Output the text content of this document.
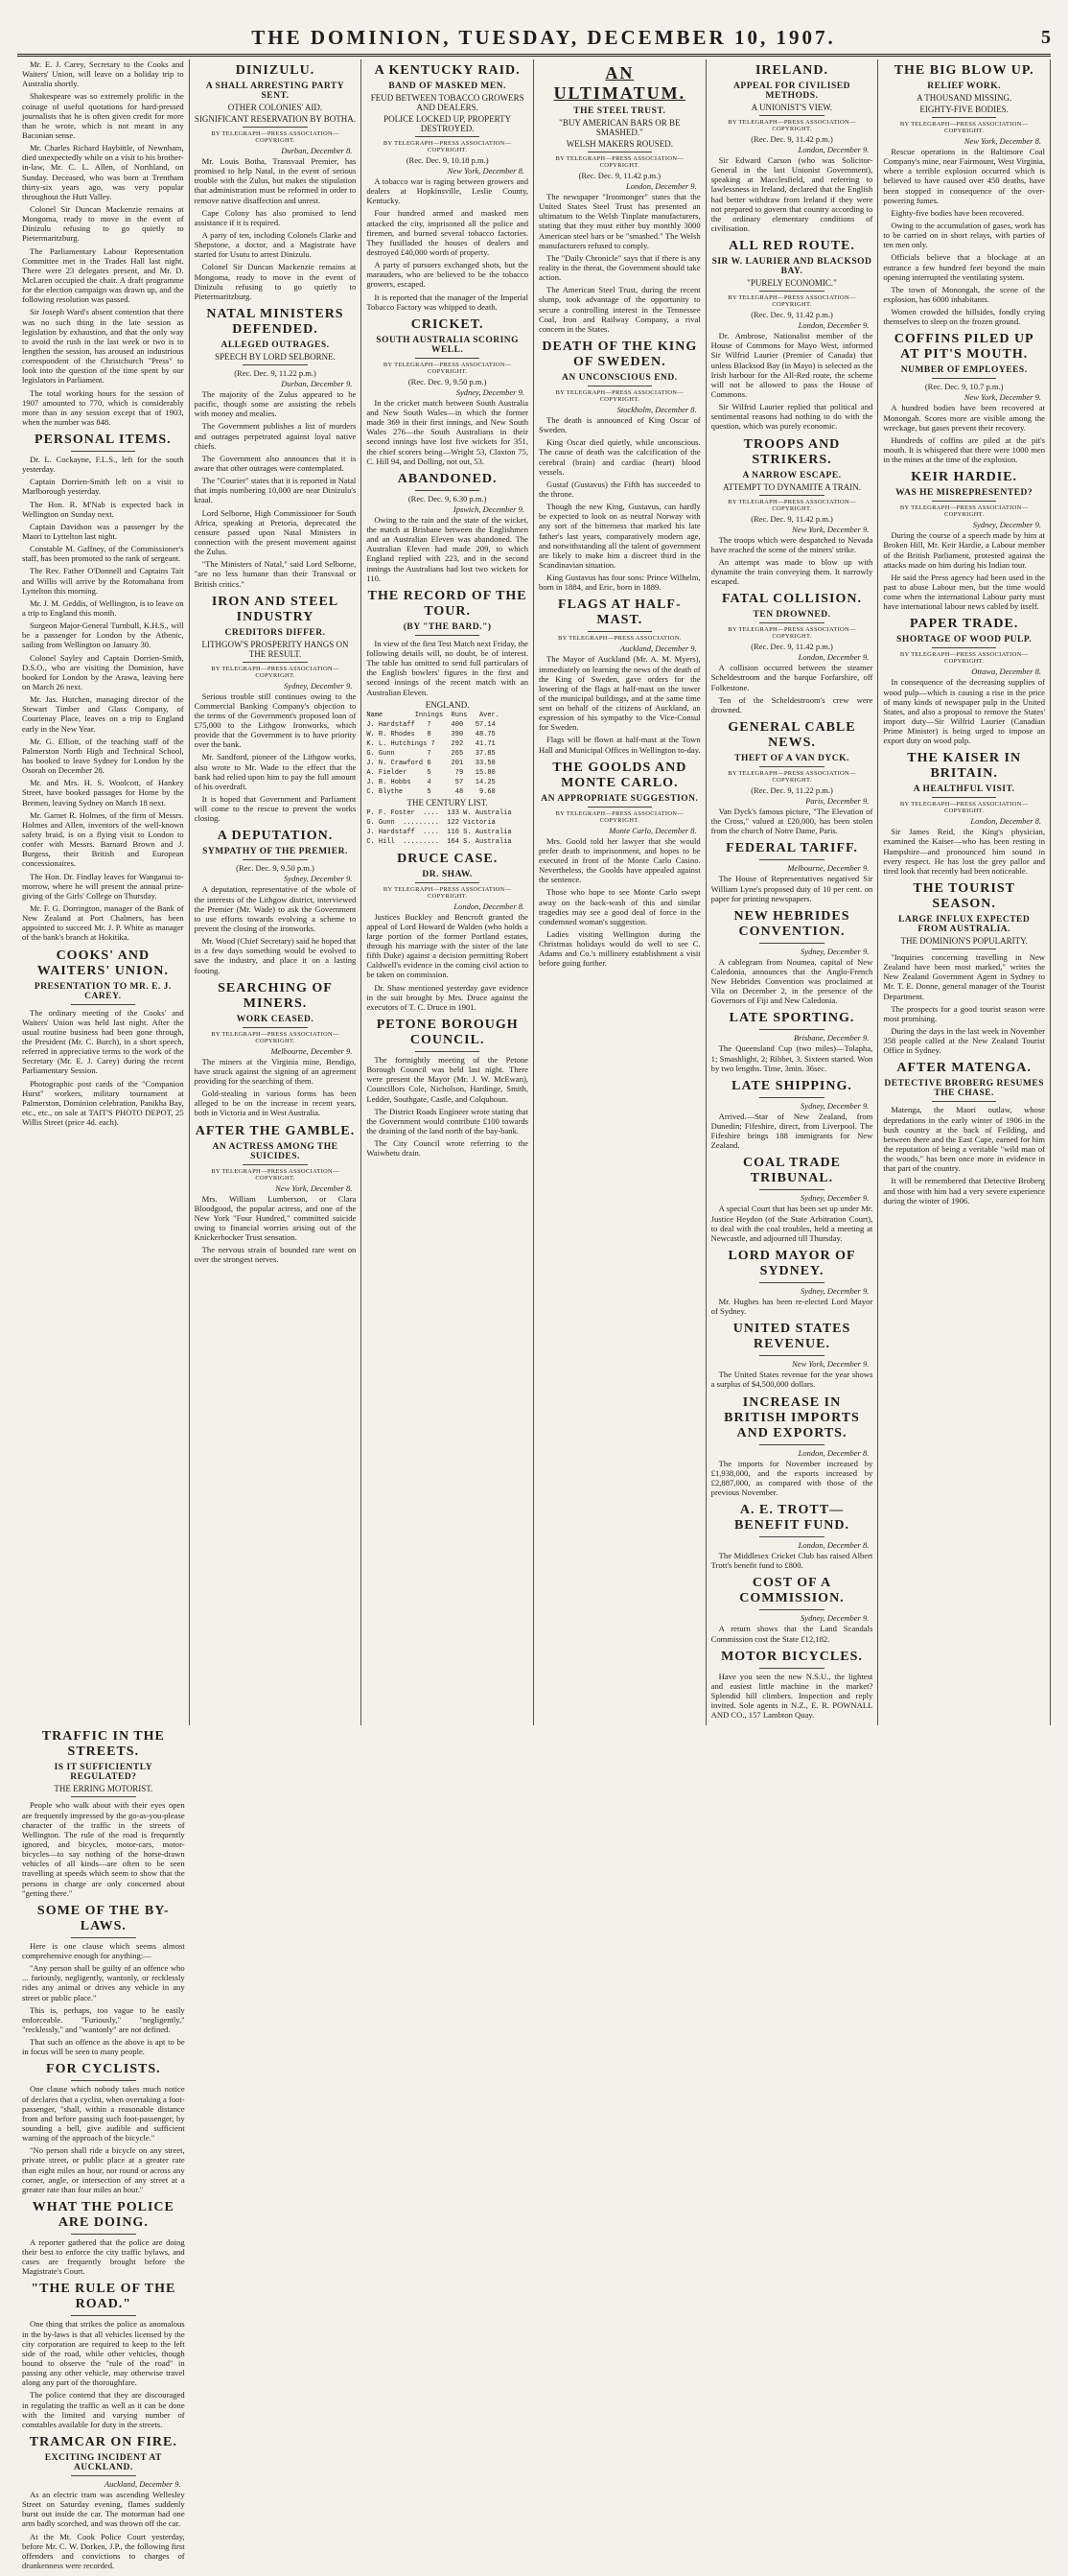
THE DOMINION, TUESDAY, DECEMBER 10, 1907.	5

Mr. E. J. Carey, Secretary to the Cooks and Waiters' Union, will leave on a holiday trip to Australia shortly.

Shakespeare was so extremely prolific in the coinage of useful quotations for hard-pressed journalists that he is often given credit for more than he wrote, which is not meant in any Baconian sense.

Mr. Charles Richard Haybittle, of Newnham, died unexpectedly while on a visit to his brother-in-law, Mr. C. L. Allen, of Northland, on Sunday. Deceased, who was born at Trentham thirty-six years ago, was very popular throughout the Hutt Valley.

Colonel Sir Duncan Mackenzie remains at Mongoma, ready to move in the event of Dinizulu refusing to go quietly to Pietermaritzburg.

The Parliamentary Labour Representation Committee met in the Trades Hall last night. There were 23 delegates present, and Mr. D. McLaren occupied the chair. A draft programme for the election campaign was drawn up, and the following resolution was passed.

Sir Joseph Ward's absent contention that there was no such thing in the late session as legislation by exhaustion, and that the only way to avoid the rush in the last week or two is to lengthen the session, has aroused an industrious correspondent of the Christchurch "Press" to look into the question of the time spent by our legislators in Parliament.

The total working hours for the session of 1907 amounted to 770, which is considerably more than in any session except that of 1903, when the number was 848.

PERSONAL ITEMS.

Dr. L. Cockayne, F.L.S., left for the south yesterday.

Captain Dorrien-Smith left on a visit to Marlborough yesterday.

The Hon. R. M'Nab is expected back in Wellington on Sunday next.

Captain Davidson was a passenger by the Maori to Lyttelton last night.

Constable M. Gaffney, of the Commissioner's staff, has been promoted to the rank of sergeant.

The Rev. Father O'Donnell and Captains Tait and Willis will arrive by the Rotomahana from Lyttelton this morning.

Mr. J. M. Geddis, of Wellington, is to leave on a trip to England this month.

Surgeon Major-General Turnbull, K.H.S., will be a passenger for London by the Athenic, sailing from Wellington on January 30.

Colonel Sayley and Captain Dorrien-Smith, D.S.O., who are visiting the Dominion, have booked for London by the Arawa, leaving here on March 26 next.

Mr. Jas. Hutchen, managing director of the Stewart Timber and Glass Company, of Courtenay Place, leaves on a trip to England early in the New Year.

Mr. G. Elliott, of the teaching staff of the Palmerston North High and Technical School, has booked to leave Sydney for London by the Osorah on December 28.

Mr. and Mrs. H. S. Woolcott, of Hankey Street, have booked passages for Home by the Bremen, leaving Sydney on March 18 next.

Mr. Garnet R. Holmes, of the firm of Messrs. Holmes and Allen, inventors of the well-known safety braid, is on a flying visit to London to confer with Messrs. Barnard Brown and J. Burgess, their British and European concessionaires.

The Hon. Dr. Findlay leaves for Wanganui to-morrow, where he will present the annual prize-giving of the Girls' College on Thursday.

Mr. F. G. Dorrington, manager of the Bank of New Zealand at Port Chalmers, has been appointed to succeed Mr. J. P. White as manager of the bank's branch at Hokitika.

COOKS' AND WAITERS' UNION.
PRESENTATION TO MR. E. J. CAREY.

The ordinary meeting of the Cooks' and Waiters' Union was held last night. After the usual routine business had been gone through, the President (Mr. C. Burch), in a short speech, referred in appreciative terms to the work of the Secretary (Mr. E. J. Carey) during the recent Parliamentary Session.

Photographic post cards of the "Companion Hurst" workers, military tournament at Palmerston, Dominion celebration, Panikha Bay, etc., etc., on sale at TAIT'S PHOTO DEPOT, 25 Willis Street (price 4d. each).

DINIZULU.
A SHALL ARRESTING PARTY SENT.
OTHER COLONIES' AID.
SIGNIFICANT RESERVATION BY BOTHA.
BY TELEGRAPH—PRESS ASSOCIATION—COPYRIGHT.
Durban, December 8.

Mr. Louis Botha, Transvaal Premier, has promised to help Natal, in the event of serious trouble with the Zulus, but makes the stipulation that administration must be reformed in order to remove native disaffection and unrest.

Cape Colony has also promised to lend assistance if it is required.

A party of ten, including Colonels Clarke and Shepstone, a doctor, and a Magistrate have started for Usutu to arrest Dinizulu.

Colonel Sir Duncan Mackenzie remains at Mongoma, ready to move in the event of Dinizulu refusing to go quietly to Pietermaritzburg.

NATAL MINISTERS DEFENDED.
ALLEGED OUTRAGES.
SPEECH BY LORD SELBORNE.
(Rec. Dec. 9, 11.22 p.m.)
Durban, December 9.

The majority of the Zulus appeared to be pacific, though some are assisting the rebels with money and mealies.

The Government publishes a list of murders and outrages perpetrated against loyal native chiefs.

The Government also announces that it is aware that other outrages were contemplated.

The "Courier" states that it is reported in Natal that impis numbering 10,000 are near Dinizulu's kraal.

Lord Selborne, High Commissioner for South Africa, speaking at Pretoria, deprecated the censure passed upon Natal Ministers in connection with the present movement against the Zulus.

"The Ministers of Natal," said Lord Selborne, "are no less humane than their Transvaal or British critics."

IRON AND STEEL INDUSTRY
CREDITORS DIFFER.
LITHGOW'S PROSPERITY HANGS ON THE RESULT.
BY TELEGRAPH—PRESS ASSOCIATION—COPYRIGHT.
Sydney, December 9.

Serious trouble still continues owing to the Commercial Banking Company's objection to the terms of the Government's proposed loan of £75,000 to the Lithgow Ironworks, which provide that the Government is to have priority over the bank.

Mr. Sandford, pioneer of the Lithgow works, also wrote to Mr. Wade to the effect that the bank had relied upon him to pay the full amount of his overdraft.

It is hoped that Government and Parliament will come to the rescue to prevent the works closing.

A DEPUTATION.
SYMPATHY OF THE PREMIER.
(Rec. Dec. 9, 9.50 p.m.)
Sydney, December 9.

A deputation, representative of the whole of the interests of the Lithgow district, interviewed the Premier (Mr. Wade) to ask the Government to use efforts towards evolving a scheme to prevent the closing of the ironworks.

Mr. Wood (Chief Secretary) said he hoped that in a few days something would be evolved to save the industry, and place it on a lasting footing.

SEARCHING OF MINERS.
WORK CEASED.
BY TELEGRAPH—PRESS ASSOCIATION—COPYRIGHT.
Melbourne, December 9.

The miners at the Virginia mine, Bendigo, have struck against the signing of an agreement providing for the searching of them.

Gold-stealing in various forms has been alleged to be on the increase in recent years, both in Victoria and in West Australia.

AFTER THE GAMBLE.
AN ACTRESS AMONG THE SUICIDES.
BY TELEGRAPH—PRESS ASSOCIATION—COPYRIGHT.
New York, December 8.

Mrs. William Lumberson, or Clara Bloodgood, the popular actress, and one of the New York "Four Hundred," committed suicide owing to financial worries arising out of the Knickerbocker Trust sensation.

The nervous strain of bounded rare went on over the strongest nerves.

A KENTUCKY RAID.
BAND OF MASKED MEN.
FEUD BETWEEN TOBACCO GROWERS AND DEALERS.
POLICE LOCKED UP, PROPERTY DESTROYED.
BY TELEGRAPH—PRESS ASSOCIATION—COPYRIGHT.
(Rec. Dec. 9, 10.18 p.m.)
New York, December 8.

A tobacco war is raging between growers and dealers at Hopkinsville, Leslie County, Kentucky.

Four hundred armed and masked men attacked the city, imprisoned all the police and firemen, and burned several tobacco factories. They fusilladed the houses of dealers and destroyed £40,000 worth of property.

A party of pursuers exchanged shots, but the marauders, who are believed to be the tobacco growers, escaped.

It is reported that the manager of the Imperial Tobacco Factory was whipped to death.

CRICKET.
SOUTH AUSTRALIA SCORING WELL.
BY TELEGRAPH—PRESS ASSOCIATION—COPYRIGHT.
(Rec. Dec. 9, 9.50 p.m.)
Sydney, December 9.

In the cricket match between South Australia and New South Wales—in which the former made 369 in their first innings, and New South Wales 276—the South Australians in their second innings have lost five wickets for 351, the chief scorers being—Wright 53, Claxton 75, C. Hill 94, and Dolling, not out, 53.

ABANDONED.
(Rec. Dec. 9, 6.30 p.m.)
Ipswich, December 9.

Owing to the rain and the state of the wicket, the match at Brisbane between the Englishmen and an Australian Eleven was abandoned. The Australian Eleven had made 209, to which England replied with 223, and in the second innings the Australians had lost two wickets for 110.

THE RECORD OF THE TOUR.
(BY "THE BARD.")

In view of the first Test Match next Friday, the following details will, no doubt, be of interest. The table has omitted to send full particulars of the English bowlers' figures in the first and second innings of the recent match with an Australian Eleven.

ENGLAND.
Name        Innings  Runs   Aver.
J. Hardstaff   7     400   57.14
W. R. Rhodes   8     390   48.75
K. L. Hutchings 7    292   41.71
G. Gunn        7     265   37.85
J. N. Crawford 6     201   33.50
A. Fielder     5      79   15.80
J. B. Hobbs    4      57   14.25
C. Blythe      5      48    9.60
THE CENTURY LIST.
P. F. Foster  ....  133 W. Australia
G. Gunn  .........  122 Victoria
J. Hardstaff  ....  116 S. Australia
C. Hill  .........  164 S. Australia
DRUCE CASE.
DR. SHAW.
BY TELEGRAPH—PRESS ASSOCIATION—COPYRIGHT.
London, December 8.

Justices Buckley and Bencroft granted the appeal of Lord Howard de Walden (who holds a large portion of the former Portland estates, through his marriage with the sister of the late fifth Duke) against a decision permitting Robert Caldwell's evidence in the coming civil action to be taken on commission.

Dr. Shaw mentioned yesterday gave evidence in the suit brought by Mrs. Druce against the executors of T. C. Druce in 1901.

PETONE BOROUGH COUNCIL.

The fortnightly meeting of the Petone Borough Council was held last night. There were present the Mayor (Mr. J. W. McEwan), Councillors Cole, Nicholson, Hardinge, Smith, Ledder, Southgate, Castle, and Colquhoun.

The District Roads Engineer wrote stating that the Government would contribute £100 towards the draining of the land north of the bay-bank.

The City Council wrote referring to the Waiwhetu drain.

AN ULTIMATUM.
THE STEEL TRUST.
"BUY AMERICAN BARS OR BE SMASHED."
WELSH MAKERS ROUSED.
BY TELEGRAPH—PRESS ASSOCIATION—COPYRIGHT.
(Rec. Dec. 9, 11.42 p.m.)
London, December 9.

The newspaper "Ironmonger" states that the United States Steel Trust has presented an ultimatum to the Welsh Tinplate manufacturers, stating that they must either buy monthly 3000 American steel bars or be "smashed." The Welsh manufacturers refused to comply.

The "Daily Chronicle" says that if there is any reality in the threat, the Government should take action.

The American Steel Trust, during the recent slump, took advantage of the opportunity to secure a controlling interest in the Tennessee Coal, Iron and Railway Company, a rival concern in the States.

DEATH OF THE KING OF SWEDEN.
AN UNCONSCIOUS END.
BY TELEGRAPH—PRESS ASSOCIATION—COPYRIGHT.
Stockholm, December 8.

The death is announced of King Oscar of Sweden.

King Oscar died quietly, while unconscious. The cause of death was the calcification of the cerebral (brain) and cardiac (heart) blood vessels.

Gustaf (Gustavus) the Fifth has succeeded to the throne.

Though the new King, Gustavus, can hardly be expected to look on as neutral Norway with any sort of the bitterness that marked his late father's last years, comparatively modern age, and notwithstanding all the talent of government are likely to make him a discreet third in the Scandinavian situation.

King Gustavus has four sons: Prince Wilhelm, born in 1884, and Eric, born in 1889.

FLAGS AT HALF-MAST.
BY TELEGRAPH—PRESS ASSOCIATION.
Auckland, December 9.

The Mayor of Auckland (Mr. A. M. Myers), immediately on learning the news of the death of the King of Sweden, gave orders for the lowering of the flags at half-mast on the tower of the municipal buildings, and at the same time sent on behalf of the citizens of Auckland, an expression of his sympathy to the Vice-Consul for Sweden.

Flags will be flown at half-mast at the Town Hall and Municipal Offices in Wellington to-day.

THE GOOLDS AND MONTE CARLO.
AN APPROPRIATE SUGGESTION.
BY TELEGRAPH—PRESS ASSOCIATION—COPYRIGHT.
Monte Carlo, December 8.

Mrs. Goold told her lawyer that she would prefer death to imprisonment, and hopes to be executed in front of the Monte Carlo Casino. Nevertheless, the Goolds have appealed against the sentence.

Those who hope to see Monte Carlo swept away on the back-wash of this and similar tragedies may see a good deal of force in the condemned woman's suggestion.

Ladies visiting Wellington during the Christmas holidays would do well to see C. Adams and Co.'s millinery establishment a visit before going further.

IRELAND.
APPEAL FOR CIVILISED METHODS.
A UNIONIST'S VIEW.
BY TELEGRAPH—PRESS ASSOCIATION—COPYRIGHT.
(Rec. Dec. 9, 11.42 p.m.)
London, December 9.

Sir Edward Carson (who was Solicitor-General in the last Unionist Government), speaking at Macclesfield, and referring to lawlessness in Ireland, declared that the English had better withdraw from Ireland if they were not prepared to govern that country according to the ordinary elementary conditions of civilisation.

ALL RED ROUTE.
SIR W. LAURIER AND BLACKSOD BAY.
"PURELY ECONOMIC."
BY TELEGRAPH—PRESS ASSOCIATION—COPYRIGHT.
(Rec. Dec. 9, 11.42 p.m.)
London, December 9.

Dr. Ambrose, Nationalist member of the House of Commons for Mayo West, informed Sir Wilfrid Laurier (Premier of Canada) that unless Blacksod Bay (in Mayo) is selected as the Irish harbour for the All-Red route, the scheme will not be allowed to pass the House of Commons.

Sir Wilfrid Laurier replied that political and sentimental reasons had nothing to do with the question, which was purely economic.

TROOPS AND STRIKERS.
A NARROW ESCAPE.
ATTEMPT TO DYNAMITE A TRAIN.
BY TELEGRAPH—PRESS ASSOCIATION—COPYRIGHT.
(Rec. Dec. 9, 11.42 p.m.)
New York, December 9.

The troops which were despatched to Nevada have reached the scene of the miners' strike.

An attempt was made to blow up with dynamite the train conveying them. It narrowly escaped.

FATAL COLLISION.
TEN DROWNED.
BY TELEGRAPH—PRESS ASSOCIATION—COPYRIGHT.
(Rec. Dec. 9, 11.42 p.m.)
London, December 9.

A collision occurred between the steamer Scheldestroom and the barque Forfarshire, off Folkestone.

Ten of the Scheldestroom's crew were drowned.

GENERAL CABLE NEWS.
THEFT OF A VAN DYCK.
BY TELEGRAPH—PRESS ASSOCIATION—COPYRIGHT.
(Rec. Dec. 9, 11.22 p.m.)
Paris, December 9.

Van Dyck's famous picture, "The Elevation of the Cross," valued at £20,000, has been stolen from the church of Notre Dame, Paris.

FEDERAL TARIFF.
Melbourne, December 9.

The House of Representatives negatived Sir William Lyne's proposed duty of 10 per cent. on paper for printing newspapers.

NEW HEBRIDES CONVENTION.
Sydney, December 9.

A cablegram from Noumea, capital of New Caledonia, announces that the Anglo-French New Hebrides Convention was proclaimed at Vila on December 2, in the presence of the Governors of Fiji and New Caledonia.

LATE SPORTING.
Brisbane, December 9.

The Queensland Cup (two miles)—Tolapha, 1; Smashlight, 2; Ribbet, 3. Sixteen started. Won by two lengths. Time, 3min. 36sec.

LATE SHIPPING.
Sydney, December 9.

Arrived.—Star of New Zealand, from Dunedin; Fifeshire, direct, from Liverpool. The Fifeshire brings 188 immigrants for New Zealand.

COAL TRADE TRIBUNAL.
Sydney, December 9.

A special Court that has been set up under Mr. Justice Heydon (of the State Arbitration Court), to deal with the coal troubles, held a meeting at Newcastle, and adjourned till Thursday.

LORD MAYOR OF SYDNEY.
Sydney, December 9.

Mr. Hughes has been re-elected Lord Mayor of Sydney.

UNITED STATES REVENUE.
New York, December 9.

The United States revenue for the year shows a surplus of $4,500,000 dollars.

INCREASE IN BRITISH IMPORTS AND EXPORTS.
London, December 8.

The imports for November increased by £1,938,000, and the exports increased by £2,887,000, as compared with those of the previous November.

A. E. TROTT—BENEFIT FUND.
London, December 8.

The Middlesex Cricket Club has raised Albert Trott's benefit fund to £800.

COST OF A COMMISSION.
Sydney, December 9.

A return shows that the Land Scandals Commission cost the State £12,182.

MOTOR BICYCLES.

Have you seen the new N.S.U., the lightest and easiest little machine in the market? Splendid hill climbers. Inspection and reply invited. Sole agents in N.Z., E. R. POWNALL AND CO., 157 Lambton Quay.

THE BIG BLOW UP.
RELIEF WORK.
A THOUSAND MISSING.
EIGHTY-FIVE BODIES.
BY TELEGRAPH—PRESS ASSOCIATION—COPYRIGHT.
New York, December 8.

Rescue operations in the Baltimore Coal Company's mine, near Fairmount, West Virginia, where a terrible explosion occurred which is believed to have caused over 450 deaths, have been stopped in consequence of the over-powering fumes.

Eighty-five bodies have been recovered.

Owing to the accumulation of gases, work has to be carried on in short relays, with parties of ten men only.

Officials believe that a blockage at an entrance a few hundred feet beyond the main opening interrupted the ventilating system.

The town of Monongah, the scene of the explosion, has 6000 inhabitants.

Women crowded the hillsides, fondly crying themselves to sleep on the frozen ground.

COFFINS PILED UP AT PIT'S MOUTH.
NUMBER OF EMPLOYEES.
(Rec. Dec. 9, 10.7 p.m.)
New York, December 9.

A hundred bodies have been recovered at Monongah. Scores more are visible among the wreckage, but gases prevent their recovery.

Hundreds of coffins are piled at the pit's mouth. It is whispered that there were 1000 men in the mines at the time of the explosion.

KEIR HARDIE.
WAS HE MISREPRESENTED?
BY TELEGRAPH—PRESS ASSOCIATION—COPYRIGHT.
Sydney, December 9.

During the course of a speech made by him at Broken Hill, Mr. Keir Hardie, a Labour member of the British Parliament, protested against the attacks made on him during his Indian tour.

He said the Press agency had been used in the past to abuse Labour men, but the time would come when the international Labour party must have international labour news cabled by itself.

PAPER TRADE.
SHORTAGE OF WOOD PULP.
BY TELEGRAPH—PRESS ASSOCIATION—COPYRIGHT.
Ottawa, December 8.

In consequence of the decreasing supplies of wood pulp—which is causing a rise in the price of many kinds of newspaper pulp in the United States, and also a proposal to remove the States' import duty—Sir Wilfrid Laurier (Canadian Prime Minister) is being urged to impose an export duty on wood pulp.

THE KAISER IN BRITAIN.
A HEALTHFUL VISIT.
BY TELEGRAPH—PRESS ASSOCIATION—COPYRIGHT.
London, December 8.

Sir James Reid, the King's physician, examined the Kaiser—who has been resting in Hampshire—and pronounced him sound in every respect. He has lost the grey pallor and tired look that recently had been noticeable.

THE TOURIST SEASON.
LARGE INFLUX EXPECTED FROM AUSTRALIA.
THE DOMINION'S POPULARITY.

"Inquiries concerning travelling in New Zealand have been most marked," writes the New Zealand Government Agent in Sydney to Mr. T. E. Donne, general manager of the Tourist Department.

The prospects for a good tourist season were most promising.

During the days in the last week in November 358 people called at the New Zealand Tourist Office in Sydney.

AFTER MATENGA.
DETECTIVE BROBERG RESUMES THE CHASE.

Matenga, the Maori outlaw, whose depredations in the early winter of 1906 in the bush country at the back of Feilding, and between there and the East Cape, earned for him the reputation of being a veritable "wild man of the woods," has been once more in evidence in that part of the country.

It will be remembered that Detective Broberg and those with him had a very severe experience during the winter of 1906.

TRAFFIC IN THE STREETS.
IS IT SUFFICIENTLY REGULATED?
THE ERRING MOTORIST.

People who walk about with their eyes open are frequently impressed by the go-as-you-please character of the traffic in the streets of Wellington. The rule of the road is frequently ignored, and bicycles, motor-cars, motor-bicycles—to say nothing of the horse-drawn vehicles of all kinds—are often to be seen travelling at speeds which seem to show that the persons in charge are only concerned about "getting there."

SOME OF THE BY-LAWS.

Here is one clause which seems almost comprehensive enough for anything:—

"Any person shall be guilty of an offence who ... furiously, negligently, wantonly, or recklessly rides any animal or drives any vehicle in any street or public place."

This is, perhaps, too vague to be easily enforceable. "Furiously," "negligently," "recklessly," and "wantonly" are not defined.

That such an offence as the above is apt to be in focus will be seen to many people.

FOR CYCLISTS.

One clause which nobody takes much notice of declares that a cyclist, when overtaking a foot-passenger, "shall, within a reasonable distance from and before passing such foot-passenger, by sounding a bell, give audible and sufficient warning of the approach of the bicycle."

"No person shall ride a bicycle on any street, private street, or public place at a greater rate than eight miles an hour, nor round or across any corner, angle, or intersection of any street at a greater rate than four miles an hour."

WHAT THE POLICE ARE DOING.

A reporter gathered that the police are doing their best to enforce the city traffic bylaws, and cases are frequently brought before the Magistrate's Court.

"THE RULE OF THE ROAD."

One thing that strikes the police as anomalous in the by-laws is that all vehicles licensed by the city corporation are required to keep to the left side of the road, while other vehicles, though bound to observe the "rule of the road" in passing any other vehicle, may otherwise travel along any part of the thoroughfare.

The police contend that they are discouraged in regulating the traffic as well as it can be done with the limited and varying number of constables available for duty in the streets.

TRAMCAR ON FIRE.
EXCITING INCIDENT AT AUCKLAND.
Auckland, December 9.

As an electric tram was ascending Wellesley Street on Saturday evening, flames suddenly burst out inside the car. The motorman had one arm badly scorched, and was thrown off the car.

At the Mt. Cook Police Court yesterday, before Mr. C. W. Dorken, J.P., the following first offenders and convictions to charges of drunkenness were recorded.
